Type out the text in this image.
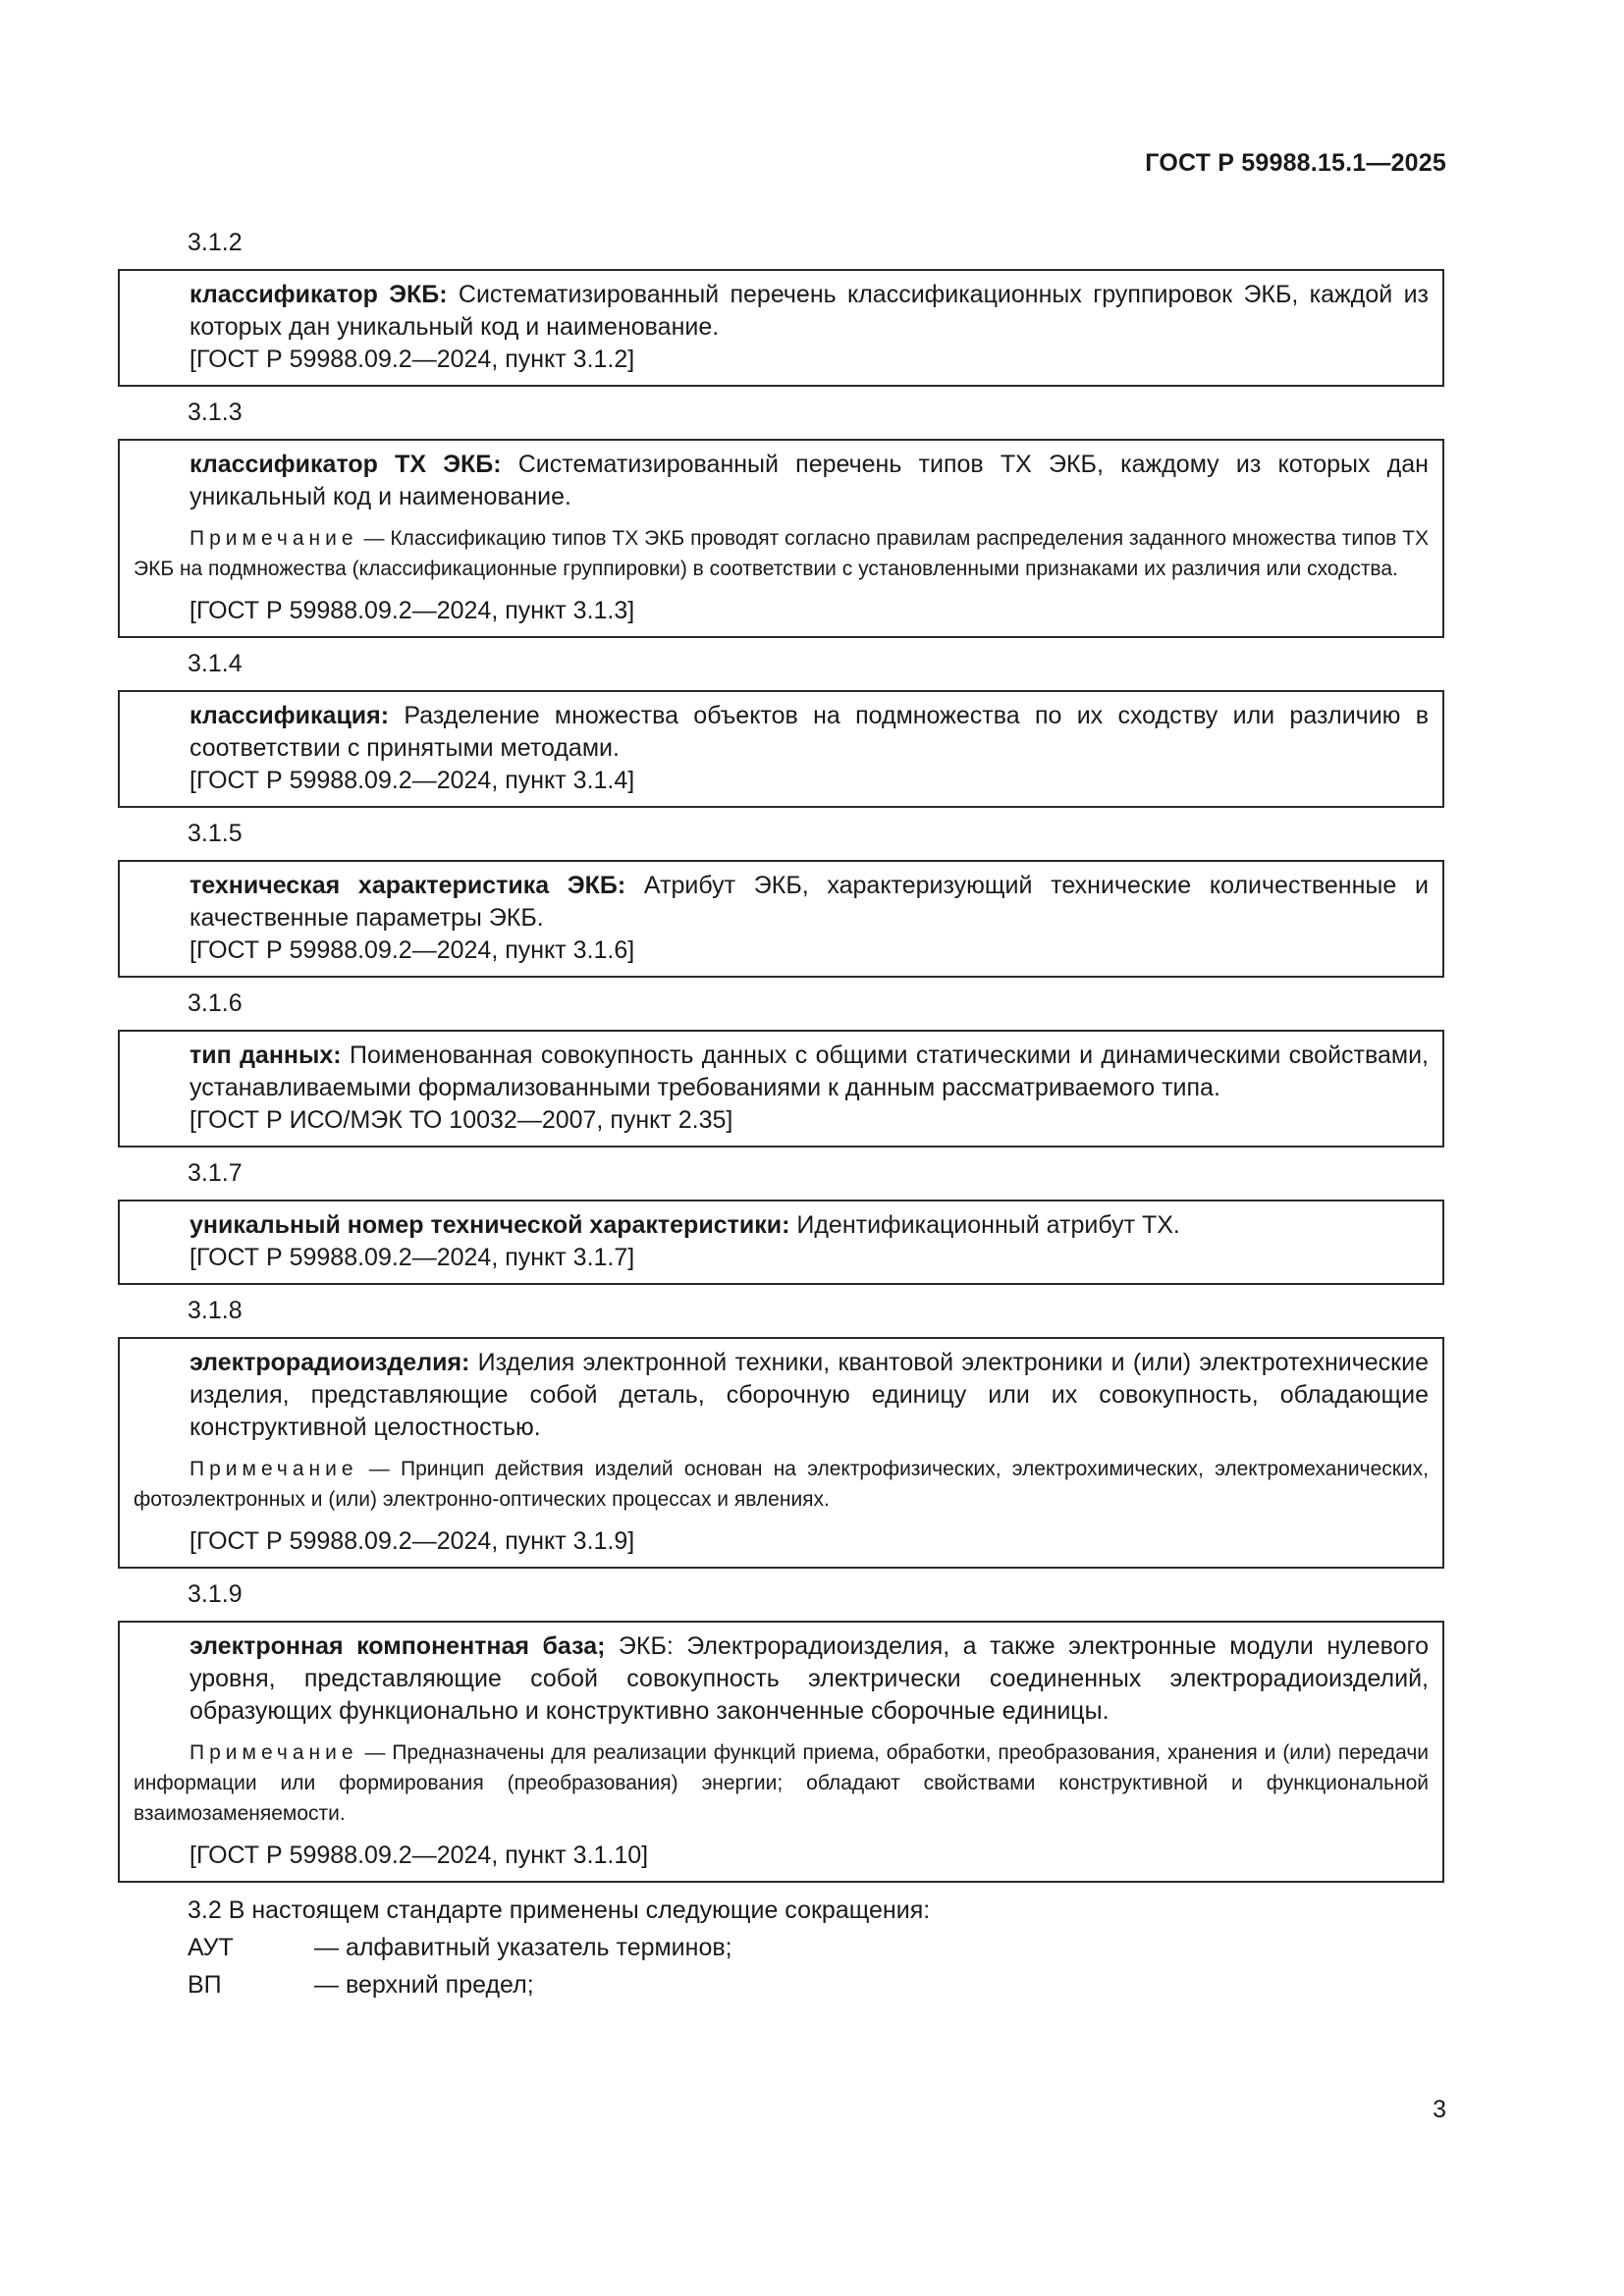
ГОСТ Р 59988.15.1—2025
3.1.2
классификатор ЭКБ: Систематизированный перечень классификационных группировок ЭКБ, каждой из которых дан уникальный код и наименование.
[ГОСТ Р 59988.09.2—2024, пункт 3.1.2]
3.1.3
классификатор ТХ ЭКБ: Систематизированный перечень типов ТХ ЭКБ, каждому из которых дан уникальный код и наименование.
Примечание — Классификацию типов ТХ ЭКБ проводят согласно правилам распределения заданного множества типов ТХ ЭКБ на подмножества (классификационные группировки) в соответствии с установленными признаками их различия или сходства.
[ГОСТ Р 59988.09.2—2024, пункт 3.1.3]
3.1.4
классификация: Разделение множества объектов на подмножества по их сходству или различию в соответствии с принятыми методами.
[ГОСТ Р 59988.09.2—2024, пункт 3.1.4]
3.1.5
техническая характеристика ЭКБ: Атрибут ЭКБ, характеризующий технические количественные и качественные параметры ЭКБ.
[ГОСТ Р 59988.09.2—2024, пункт 3.1.6]
3.1.6
тип данных: Поименованная совокупность данных с общими статическими и динамическими свойствами, устанавливаемыми формализованными требованиями к данным рассматриваемого типа.
[ГОСТ Р ИСО/МЭК ТО 10032—2007, пункт 2.35]
3.1.7
уникальный номер технической характеристики: Идентификационный атрибут ТХ.
[ГОСТ Р 59988.09.2—2024, пункт 3.1.7]
3.1.8
электрорадиоизделия: Изделия электронной техники, квантовой электроники и (или) электротехнические изделия, представляющие собой деталь, сборочную единицу или их совокупность, обладающие конструктивной целостностью.
Примечание — Принцип действия изделий основан на электрофизических, электрохимических, электромеханических, фотоэлектронных и (или) электронно-оптических процессах и явлениях.
[ГОСТ Р 59988.09.2—2024, пункт 3.1.9]
3.1.9
электронная компонентная база; ЭКБ: Электрорадиоизделия, а также электронные модули нулевого уровня, представляющие собой совокупность электрически соединенных электрорадиоизделий, образующих функционально и конструктивно законченные сборочные единицы.
Примечание — Предназначены для реализации функций приема, обработки, преобразования, хранения и (или) передачи информации или формирования (преобразования) энергии; обладают свойствами конструктивной и функциональной взаимозаменяемости.
[ГОСТ Р 59988.09.2—2024, пункт 3.1.10]
3.2 В настоящем стандарте применены следующие сокращения:
АУТ	— алфавитный указатель терминов;
ВП	— верхний предел;
3
